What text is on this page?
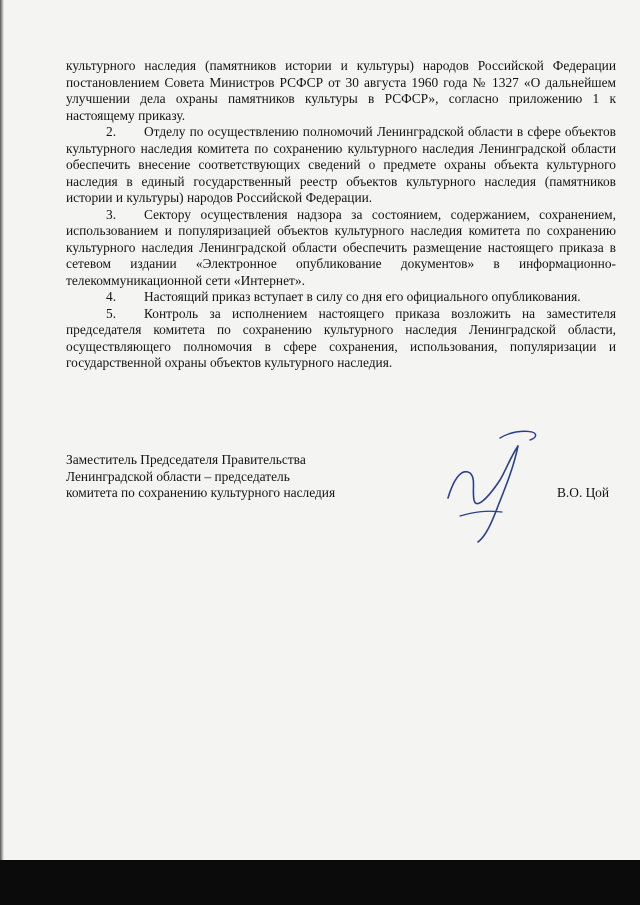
культурного наследия (памятников истории и культуры) народов Российской Федерации постановлением Совета Министров РСФСР от 30 августа 1960 года № 1327 «О дальнейшем улучшении дела охраны памятников культуры в РСФСР», согласно приложению 1 к настоящему приказу.

2. Отделу по осуществлению полномочий Ленинградской области в сфере объектов культурного наследия комитета по сохранению культурного наследия Ленинградской области обеспечить внесение соответствующих сведений о предмете охраны объекта культурного наследия в единый государственный реестр объектов культурного наследия (памятников истории и культуры) народов Российской Федерации.

3. Сектору осуществления надзора за состоянием, содержанием, сохранением, использованием и популяризацией объектов культурного наследия комитета по сохранению культурного наследия Ленинградской области обеспечить размещение настоящего приказа в сетевом издании «Электронное опубликование документов» в информационно-телекоммуникационной сети «Интернет».

4. Настоящий приказ вступает в силу со дня его официального опубликования.

5. Контроль за исполнением настоящего приказа возложить на заместителя председателя комитета по сохранению культурного наследия Ленинградской области, осуществляющего полномочия в сфере сохранения, использования, популяризации и государственной охраны объектов культурного наследия.

Заместитель Председателя Правительства
Ленинградской области – председатель
комитета по сохранению культурного наследия	В.О. Цой
